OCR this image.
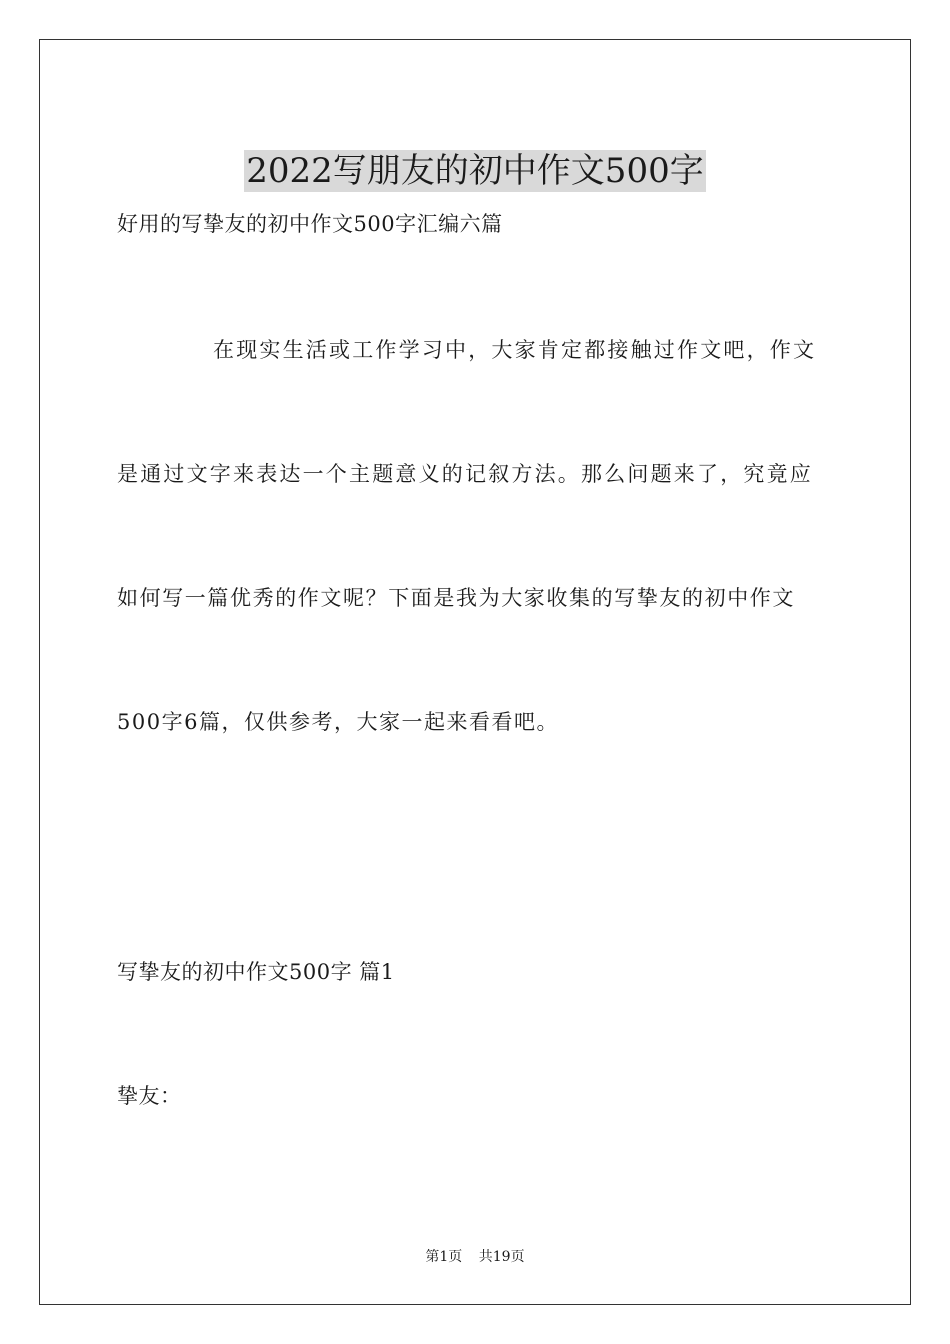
2022写朋友的初中作文500字
好用的写挚友的初中作文500字汇编六篇
在现实生活或工作学习中，大家肯定都接触过作文吧，作文
是通过文字来表达一个主题意义的记叙方法。那么问题来了，究竟应
如何写一篇优秀的作文呢？下面是我为大家收集的写挚友的初中作文
500字6篇，仅供参考，大家一起来看看吧。
写挚友的初中作文500字 篇1
挚友：
第1页 共19页
